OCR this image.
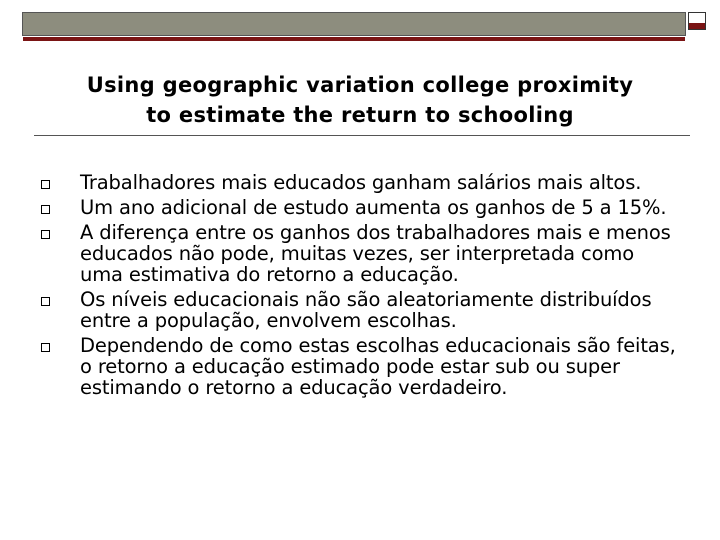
Using geographic variation college proximity
to estimate the return to schooling
Trabalhadores mais educados ganham salários mais altos.
Um ano adicional de estudo aumenta os ganhos de 5 a 15%.
A diferença entre os ganhos dos trabalhadores mais e menos educados não pode, muitas vezes, ser interpretada como uma estimativa do retorno a educação.
Os níveis educacionais não são aleatoriamente distribuídos entre a população, envolvem escolhas.
Dependendo de como estas escolhas educacionais são feitas, o retorno a educação estimado pode estar sub ou super estimando o retorno a educação verdadeiro.
